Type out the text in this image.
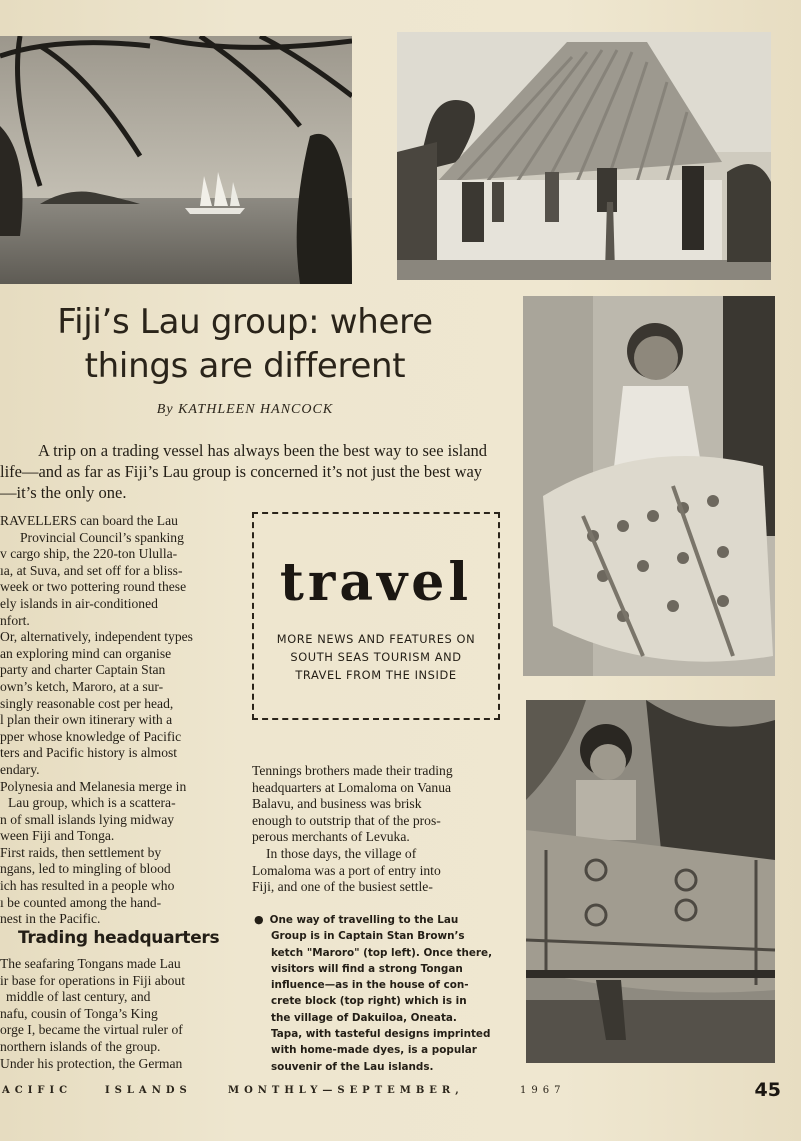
Fiji’s Lau group: where
things are different
By KATHLEEN HANCOCK

A trip on a trading vessel has always been the best way to see island life—and as far as Fiji’s Lau group is concerned it’s not just the best way—it’s the only one.

RAVELLERS can board the Lau
Provincial Council’s spanking
v cargo ship, the 220-ton Ululla-
ıa, at Suva, and set off for a bliss-
week or two pottering round these
ely islands in air-conditioned
nfort.
Or, alternatively, independent types
an exploring mind can organise
party and charter Captain Stan
own’s ketch, Maroro, at a sur-
singly reasonable cost per head,
l plan their own itinerary with a
pper whose knowledge of Pacific
ters and Pacific history is almost
endary.
Polynesia and Melanesia merge in
Lau group, which is a scattera-
n of small islands lying midway
ween Fiji and Tonga.
First raids, then settlement by
ngans, led to mingling of blood
ich has resulted in a people who
ı be counted among the hand-
nest in the Pacific.
Trading headquarters
The seafaring Tongans made Lau
ir base for operations in Fiji about
middle of last century, and
nafu, cousin of Tonga’s King
orge I, became the virtual ruler of
northern islands of the group.
Under his protection, the German
travel
MORE NEWS AND FEATURES ON
SOUTH SEAS TOURISM AND
TRAVEL FROM THE INSIDE
Tennings brothers made their trading
headquarters at Lomaloma on Vanua
Balavu, and business was brisk
enough to outstrip that of the pros-
perous merchants of Levuka.
In those days, the village of
Lomaloma was a port of entry into
Fiji, and one of the busiest settle-
● One way of travelling to the Lau
Group is in Captain Stan Brown’s
ketch "Maroro" (top left). Once there,
visitors will find a strong Tongan
influence—as in the house of con-
crete block (top right) which is in
the village of Dakuiloa, Oneata.
Tapa, with tasteful designs imprinted
with home-made dyes, is a popular
souvenir of the Lau islands.
ACIFIC	ISLANDS	MONTHLY—SEPTEMBER,	1967	45
